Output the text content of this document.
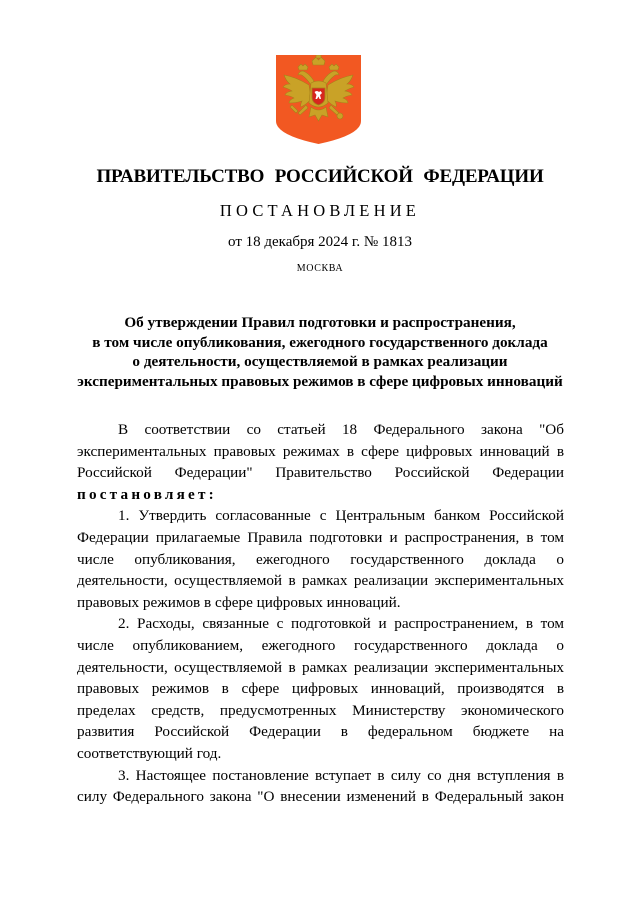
ПРАВИТЕЛЬСТВО РОССИЙСКОЙ ФЕДЕРАЦИИ
ПОСТАНОВЛЕНИЕ
от 18 декабря 2024 г. № 1813
МОСКВА
Об утверждении Правил подготовки и распространения,
в том числе опубликования, ежегодного государственного доклада
о деятельности, осуществляемой в рамках реализации
экспериментальных правовых режимов в сфере цифровых инноваций

В соответствии со статьей 18 Федерального закона "Об экспериментальных правовых режимах в сфере цифровых инноваций в Российской Федерации" Правительство Российской Федерации постановляет:

1. Утвердить согласованные с Центральным банком Российской Федерации прилагаемые Правила подготовки и распространения, в том числе опубликования, ежегодного государственного доклада о деятельности, осуществляемой в рамках реализации экспериментальных правовых режимов в сфере цифровых инноваций.

2. Расходы, связанные с подготовкой и распространением, в том числе опубликованием, ежегодного государственного доклада о деятельности, осуществляемой в рамках реализации экспериментальных правовых режимов в сфере цифровых инноваций, производятся в пределах средств, предусмотренных Министерству экономического развития Российской Федерации в федеральном бюджете на соответствующий год.

3. Настоящее постановление вступает в силу со дня вступления в силу Федерального закона "О внесении изменений в Федеральный закон
